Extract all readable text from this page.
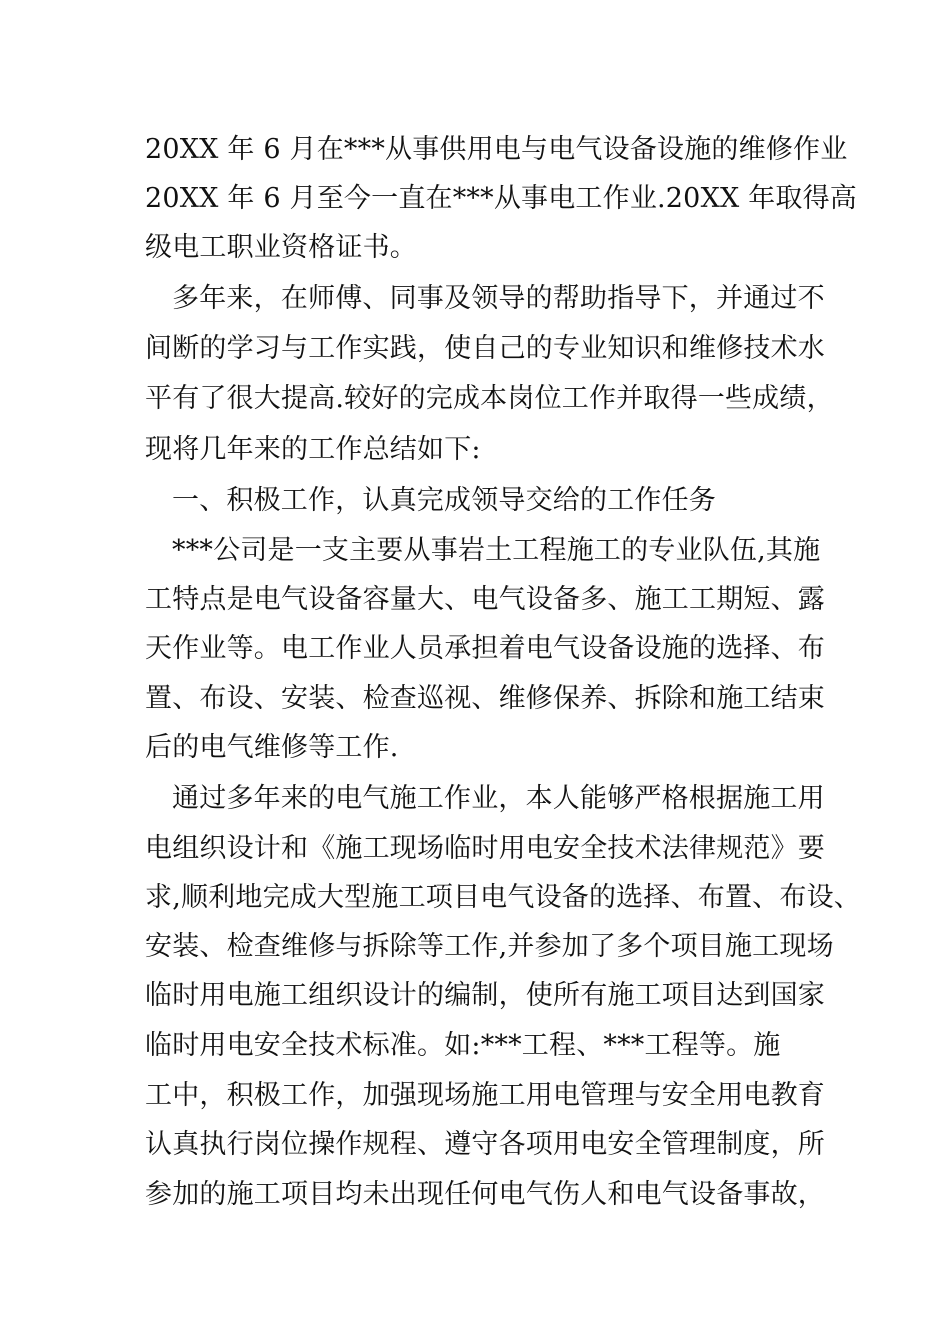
20XX 年 6 月在***从事供用电与电气设备设施的维修作业

20XX 年 6 月至今一直在***从事电工作业.20XX 年取得高

级电工职业资格证书。

多年来，在师傅、同事及领导的帮助指导下，并通过不

间断的学习与工作实践，使自己的专业知识和维修技术水

平有了很大提高.较好的完成本岗位工作并取得一些成绩，

现将几年来的工作总结如下:

一、积极工作，认真完成领导交给的工作任务

***公司是一支主要从事岩土工程施工的专业队伍,其施

工特点是电气设备容量大、电气设备多、施工工期短、露

天作业等。电工作业人员承担着电气设备设施的选择、布

置、布设、安装、检查巡视、维修保养、拆除和施工结束

后的电气维修等工作.

通过多年来的电气施工作业，本人能够严格根据施工用

电组织设计和《施工现场临时用电安全技术法律规范》要

求,顺利地完成大型施工项目电气设备的选择、布置、布设、

安装、检查维修与拆除等工作,并参加了多个项目施工现场

临时用电施工组织设计的编制，使所有施工项目达到国家

临时用电安全技术标准。如:***工程、***工程等。施

工中，积极工作，加强现场施工用电管理与安全用电教育

认真执行岗位操作规程、遵守各项用电安全管理制度，所

参加的施工项目均未出现任何电气伤人和电气设备事故，
